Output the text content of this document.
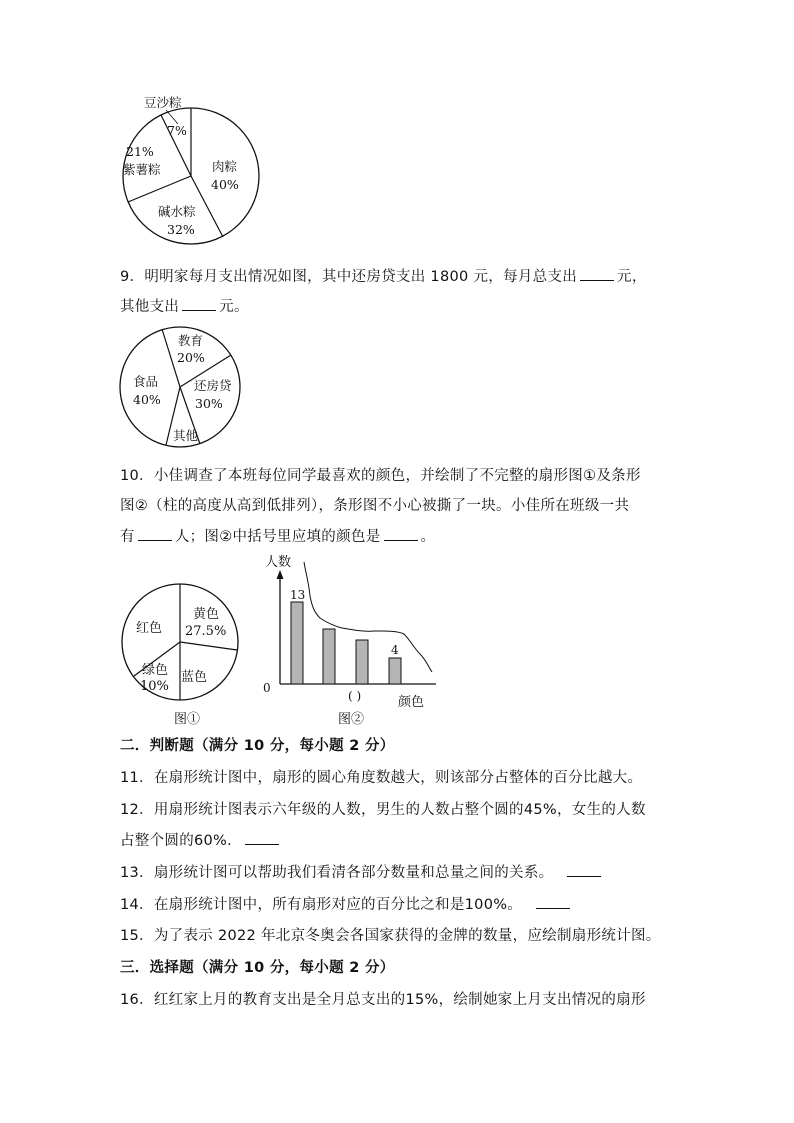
豆沙粽
7%
21%
紫薯粽	肉粽
40%
碱水粽
32%
9．明明家每月支出情况如图，其中还房贷支出 1800 元，每月总支出	元，
其他支出	元。
教育
20%
食品
40%
还房贷
30%
其他
10．小佳调查了本班每位同学最喜欢的颜色，并绘制了不完整的扇形图①及条形
图②（柱的高度从高到低排列），条形图不小心被撕了一块。小佳所在班级一共
有	人；图②中括号里应填的颜色是	。
红色
黄色
27.5%
蓝色
绿色
10%
图①
人数
0
13
4
( )	颜色
图②
二．判断题（满分 10 分，每小题 2 分）
11．在扇形统计图中，扇形的圆心角度数越大，则该部分占整体的百分比越大。
12．用扇形统计图表示六年级的人数，男生的人数占整个圆的45%，女生的人数
占整个圆的60%．
13．扇形统计图可以帮助我们看清各部分数量和总量之间的关系。
14．在扇形统计图中，所有扇形对应的百分比之和是100%。
15．为了表示 2022 年北京冬奥会各国家获得的金牌的数量，应绘制扇形统计图。
三．选择题（满分 10 分，每小题 2 分）
16．红红家上月的教育支出是全月总支出的15%，绘制她家上月支出情况的扇形
